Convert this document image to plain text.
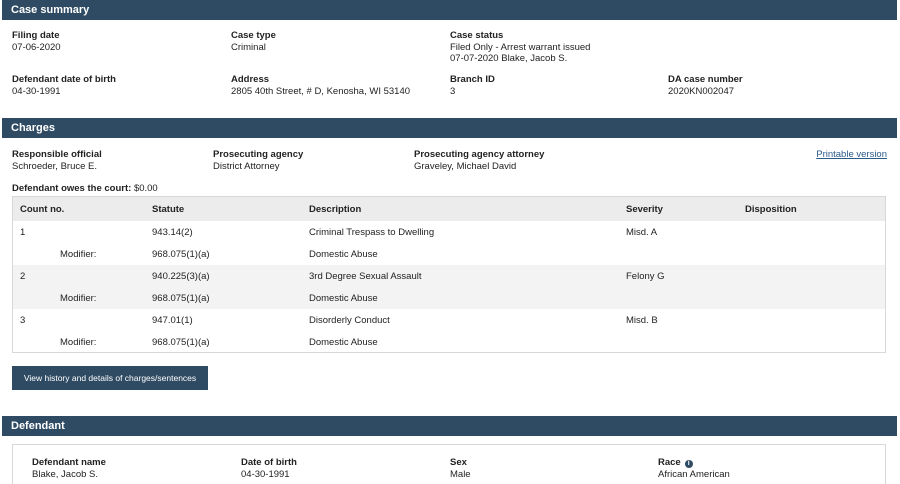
Case summary
Filing date
07-06-2020
Case type
Criminal
Case status
Filed Only - Arrest warrant issued
07-07-2020 Blake, Jacob S.
Defendant date of birth
04-30-1991
Address
2805 40th Street, # D, Kenosha, WI 53140
Branch ID
3
DA case number
2020KN002047
Charges
Responsible official
Schroeder, Bruce E.
Prosecuting agency
District Attorney
Prosecuting agency attorney
Graveley, Michael David
Printable version
Defendant owes the court: $0.00
Count no.	Statute	Description	Severity	Disposition
1	943.14(2)	Criminal Trespass to Dwelling	Misd. A
Modifier:	968.075(1)(a)	Domestic Abuse
2	940.225(3)(a)	3rd Degree Sexual Assault	Felony G
Modifier:	968.075(1)(a)	Domestic Abuse
3	947.01(1)	Disorderly Conduct	Misd. B
Modifier:	968.075(1)(a)	Domestic Abuse
View history and details of charges/sentences
Defendant
Defendant name
Blake, Jacob S.
Date of birth
04-30-1991
Sex
Male
Race i
African American
